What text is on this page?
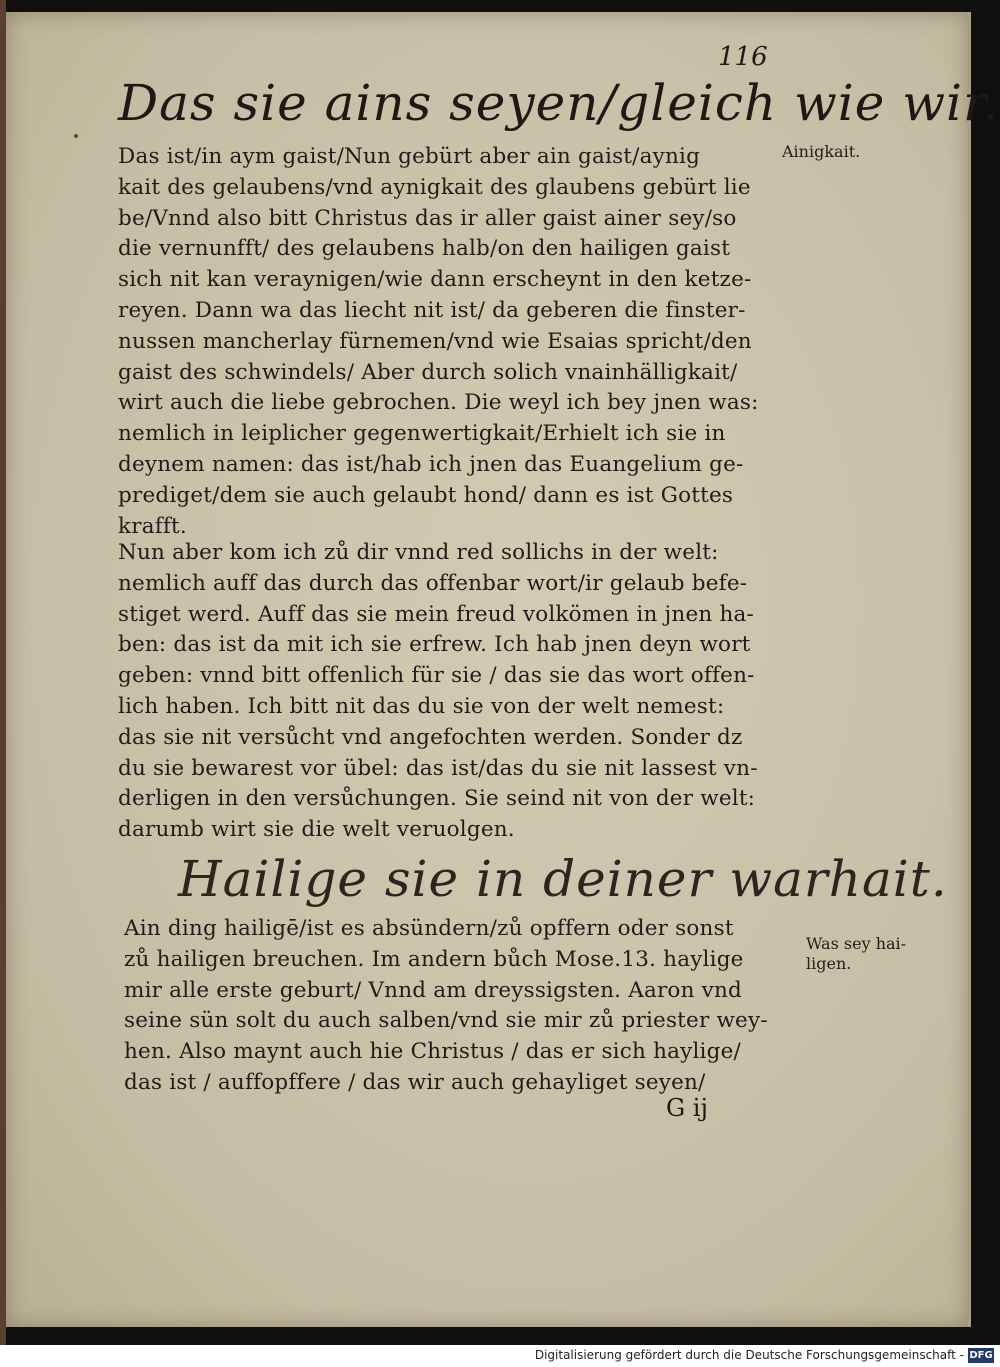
116
Das sie ains seyen/gleich wie wir.
Das ist/in aym gaist/Nun gebürt aber ain gaist/aynig
kait des gelaubens/vnd aynigkait des glaubens gebürt lie
be/Vnnd also bitt Christus das ir aller gaist ainer sey/so
die vernunfft/ des gelaubens halb/on den hailigen gaist
sich nit kan veraynigen/wie dann erscheynt in den ketze-
reyen. Dann wa das liecht nit ist/ da geberen die finster-
nussen mancherlay fürnemen/vnd wie Esaias spricht/den
gaist des schwindels/ Aber durch solich vnainhälligkait/
wirt auch die liebe gebrochen. Die weyl ich bey jnen was:
nemlich in leiplicher gegenwertigkait/Erhielt ich sie in
deynem namen: das ist/hab ich jnen das Euangelium ge-
prediget/dem sie auch gelaubt hond/ dann es ist Gottes
krafft.
Nun aber kom ich zů dir vnnd red sollichs in der welt:
nemlich auff das durch das offenbar wort/ir gelaub befe-
stiget werd. Auff das sie mein freud volkömen in jnen ha-
ben: das ist da mit ich sie erfrew. Ich hab jnen deyn wort
geben: vnnd bitt offenlich für sie / das sie das wort offen-
lich haben. Ich bitt nit das du sie von der welt nemest:
das sie nit versůcht vnd angefochten werden. Sonder dz
du sie bewarest vor übel: das ist/das du sie nit lassest vn-
derligen in den versůchungen. Sie seind nit von der welt:
darumb wirt sie die welt veruolgen.
Hailige sie in deiner warhait.
Ain ding hailigē/ist es absündern/zů opffern oder sonst
zů hailigen breuchen. Im andern bůch Mose.13. haylige
mir alle erste geburt/ Vnnd am dreyssigsten. Aaron vnd
seine sün solt du auch salben/vnd sie mir zů priester wey-
hen. Also maynt auch hie Christus / das er sich haylige/
das ist / auffopffere / das wir auch gehayliget seyen/
Ainigkait.
Was sey hai-ligen.
G ij
Digitalisierung gefördert durch die Deutsche Forschungsgemeinschaft - DFG
